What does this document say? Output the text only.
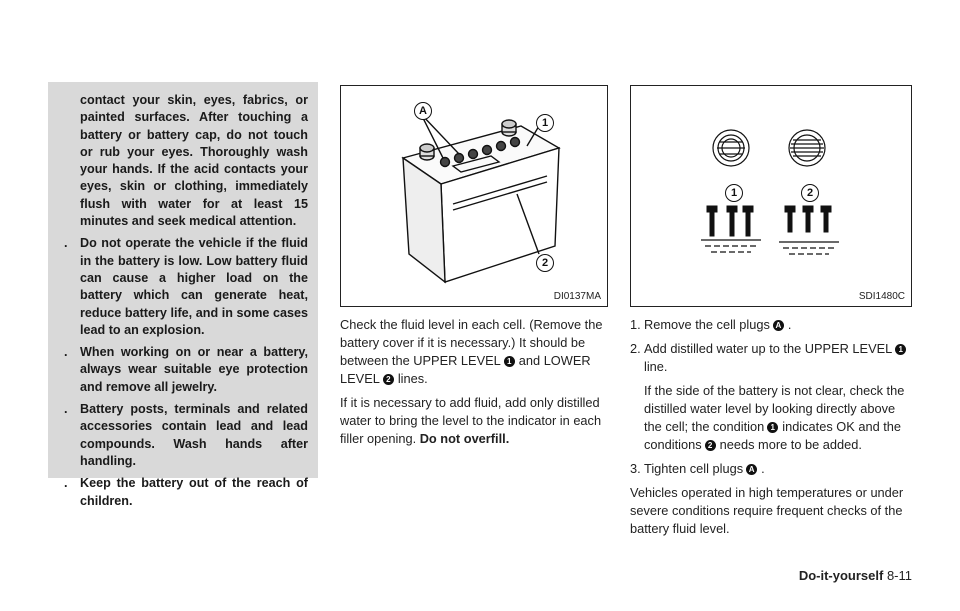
contact your skin, eyes, fabrics, or painted surfaces. After touching a battery or battery cap, do not touch or rub your eyes. Thoroughly wash your hands. If the acid contacts your eyes, skin or clothing, immediately flush with water for at least 15 minutes and seek medical attention.
. Do not operate the vehicle if the fluid in the battery is low. Low battery fluid can cause a higher load on the battery which can generate heat, reduce battery life, and in some cases lead to an explosion.
. When working on or near a battery, always wear suitable eye protection and remove all jewelry.
. Battery posts, terminals and related accessories contain lead and lead compounds. Wash hands after handling.
. Keep the battery out of the reach of children.
A
1
2
DI0137MA

Check the fluid level in each cell. (Remove the battery cover if it is necessary.) It should be between the UPPER LEVEL 1 and LOWER LEVEL 2 lines.

If it is necessary to add fluid, add only distilled water to bring the level to the indicator in each filler opening. Do not overfill.

1	2
SDI1480C
1. Remove the cell plugs A .
2. Add distilled water up to the UPPER LEVEL 1line.
If the side of the battery is not clear, check the distilled water level by looking directly above the cell; the condition 1 indicates OK and the conditions 2 needs more to be added.
3. Tighten cell plugs A .

Vehicles operated in high temperatures or under severe conditions require frequent checks of the battery fluid level.

Do-it-yourself 8-11
